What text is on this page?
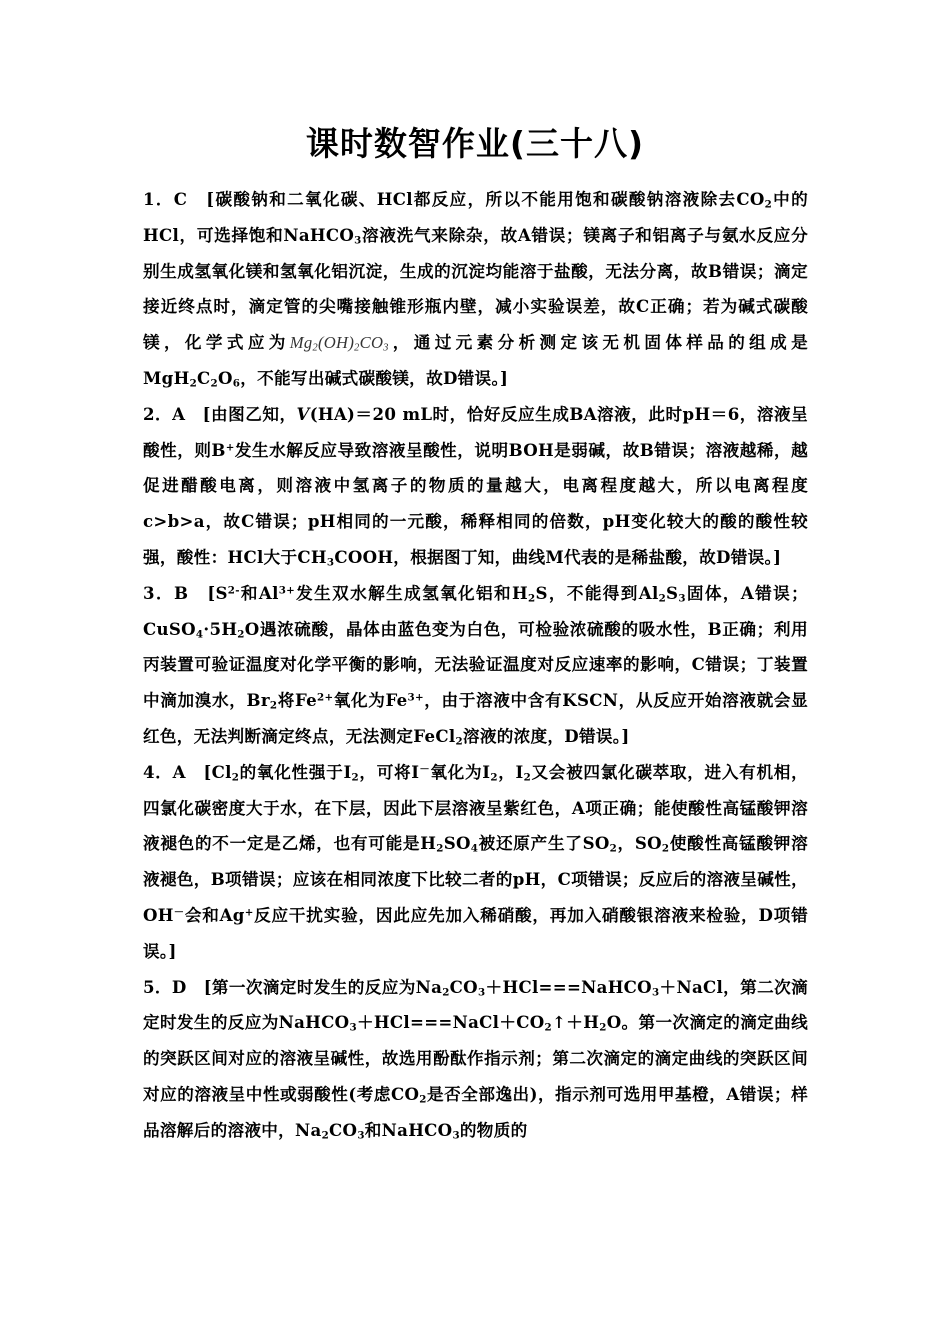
课时数智作业(三十八)

1．C　[碳酸钠和二氧化碳、HCl都反应，所以不能用饱和碳酸钠溶液除去$CO_2$中的HCl，可选择饱和NaHCO$_3$溶液洗气来除杂，故A错误；镁离子和铝离子与氨水反应分别生成氢氧化镁和氢氧化铝沉淀，生成的沉淀均能溶于盐酸，无法分离，故B错误；滴定接近终点时，滴定管的尖嘴接触锥形瓶内壁，减小实验误差，故C正确；若为碱式碳酸镁，化学式应为$Mg_2(OH)_2CO_3$，通过元素分析测定该无机固体样品的组成是$MgH_2C_2O_6$，不能写出碱式碳酸镁，故D错误。]

2．A　[由图乙知，V(HA)＝20 mL时，恰好反应生成BA溶液，此时pH＝6，溶液呈酸性，则B+发生水解反应导致溶液呈酸性，说明BOH是弱碱，故B错误；溶液越稀，越促进醋酸电离，则溶液中氢离子的物质的量越大，电离程度越大，所以电离程度c>b>a，故C错误；pH相同的一元酸，稀释相同的倍数，pH变化较大的酸的酸性较强，酸性：HCl大于$CH_3COOH$，根据图丁知，曲线M代表的是稀盐酸，故D错误。]

3．B　[$S^{2-}$和$Al^{3+}$发生双水解生成氢氧化铝和$H_2S$，不能得到$Al_2S_3$固体，A错误；$CuSO_4\cdot 5H_2O$遇浓硫酸，晶体由蓝色变为白色，可检验浓硫酸的吸水性，B正确；利用丙装置可验证温度对化学平衡的影响，无法验证温度对反应速率的影响，C错误；丁装置中滴加溴水，$Br_2$将$Fe^{2+}$氧化为$Fe^{3+}$，由于溶液中含有KSCN，从反应开始溶液就会显红色，无法判断滴定终点，无法测定FeCl$_2$溶液的浓度，D错误。]

4．A　[$Cl_2$的氧化性强于$I_2$，可将I－氧化为$I_2$，$I_2$又会被四氯化碳萃取，进入有机相，四氯化碳密度大于水，在下层，因此下层溶液呈紫红色，A项正确；能使酸性高锰酸钾溶液褪色的不一定是乙烯，也有可能是$H_2SO_4$被还原产生了$SO_2$，$SO_2$使酸性高锰酸钾溶液褪色，B项错误；应该在相同浓度下比较二者的pH，C项错误；反应后的溶液呈碱性，OH－会和Ag+反应干扰实验，因此应先加入稀硝酸，再加入硝酸银溶液来检验，D项错误。]

5．D　[第一次滴定时发生的反应为$Na_2CO_3+HCl===NaHCO_3+NaCl$，第二次滴定时发生的反应为$NaHCO_3+HCl===NaCl+CO_2↑+H_2O$。第一次滴定的滴定曲线的突跃区间对应的溶液呈碱性，故选用酚酞作指示剂；第二次滴定的滴定曲线的突跃区间对应的溶液呈中性或弱酸性(考虑$CO_2$是否全部逸出)，指示剂可选用甲基橙，A错误；样品溶解后的溶液中，$Na_2CO_3$和NaHCO$_3$的物质的
